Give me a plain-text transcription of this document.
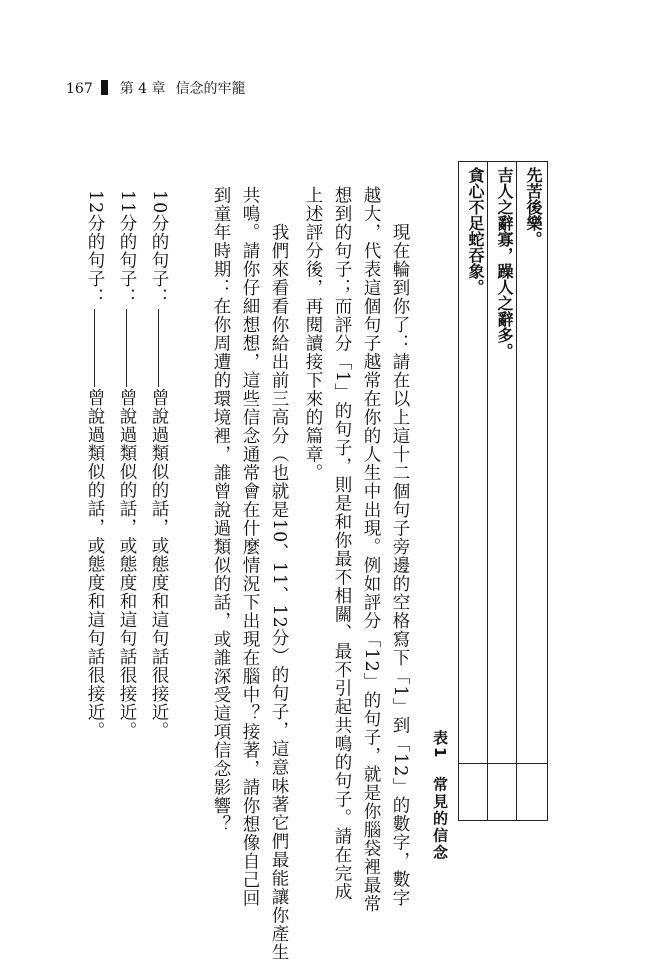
167 第 4 章 信念的牢籠
先苦後樂。
吉人之辭寡，躁人之辭多。
貪心不足蛇吞象。
表1　常見的信念
　　現在輪到你了：請在以上這十二個句子旁邊的空格寫下「1」到「12」的數字，數字
越大，代表這個句子越常在你的人生中出現。例如評分「12」的句子，就是你腦袋裡最常
想到的句子；而評分「1」的句子，則是和你最不相關、最不引起共鳴的句子。請在完成
上述評分後，再閱讀接下來的篇章。
　　我們來看看你給出前三高分（也就是10、11、12分）的句子，這意味著它們最能讓你產生
共鳴。請你仔細想想，這些信念通常會在什麼情況下出現在腦中？接著，請你想像自己回
到童年時期：在你周遭的環境裡，誰曾說過類似的話，或誰深受這項信念影響？
10分的句子：曾說過類似的話，或態度和這句話很接近。
11分的句子：曾說過類似的話，或態度和這句話很接近。
12分的句子：曾說過類似的話，或態度和這句話很接近。
